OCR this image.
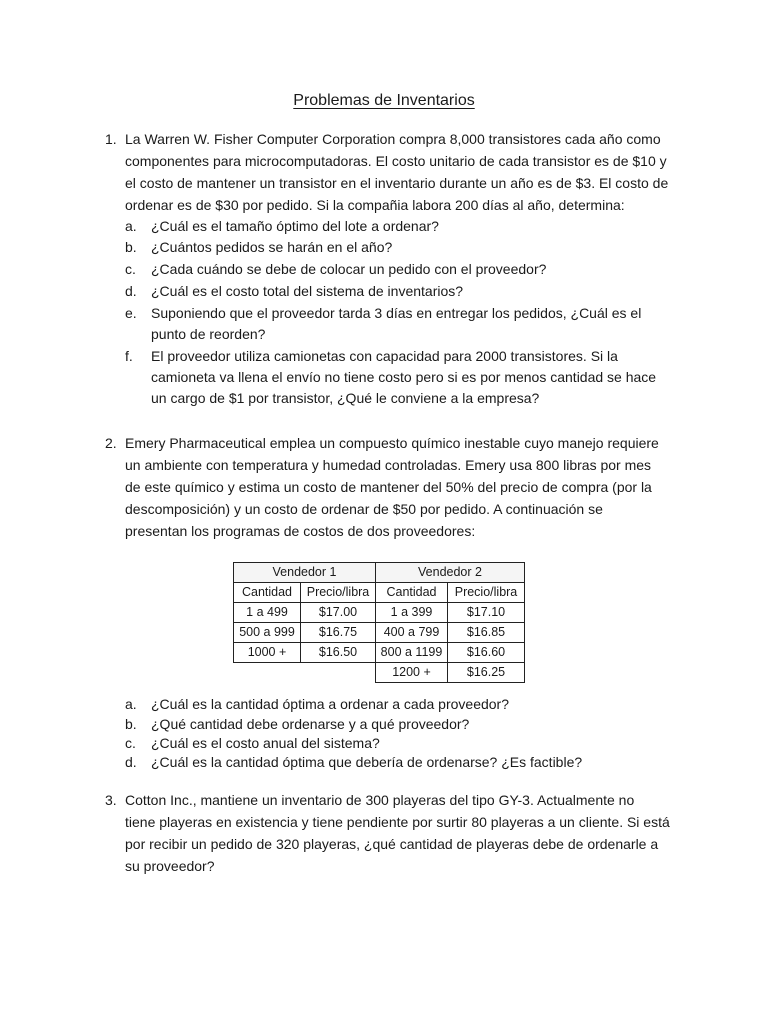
Problemas de Inventarios
1. La Warren W. Fisher Computer Corporation compra 8,000 transistores cada año como
componentes para microcomputadoras. El costo unitario de cada transistor es de $10 y
el costo de mantener un transistor en el inventario durante un año es de $3. El costo de
ordenar es de $30 por pedido. Si la compañia labora 200 días al año, determina:
a. ¿Cuál es el tamaño óptimo del lote a ordenar?
b. ¿Cuántos pedidos se harán en el año?
c. ¿Cada cuándo se debe de colocar un pedido con el proveedor?
d. ¿Cuál es el costo total del sistema de inventarios?
e. Suponiendo que el proveedor tarda 3 días en entregar los pedidos, ¿Cuál es el
punto de reorden?
f. El proveedor utiliza camionetas con capacidad para 2000 transistores. Si la
camioneta va llena el envío no tiene costo pero si es por menos cantidad se hace
un cargo de $1 por transistor, ¿Qué le conviene a la empresa?
2. Emery Pharmaceutical emplea un compuesto químico inestable cuyo manejo requiere
un ambiente con temperatura y humedad controladas. Emery usa 800 libras por mes
de este químico y estima un costo de mantener del 50% del precio de compra (por la
descomposición) y un costo de ordenar de $50 por pedido. A continuación se
presentan los programas de costos de dos proveedores:
Vendedor 1		Vendedor 2	
Cantidad	Precio/libra	Cantidad	Precio/libra
1 a 499	$17.00	1 a 399	$17.10
500 a 999	$16.75	400 a 799	$16.85
1000 +	$16.50	800 a 1199	$16.60
		1200 +	$16.25
a. ¿Cuál es la cantidad óptima a ordenar a cada proveedor?
b. ¿Qué cantidad debe ordenarse y a qué proveedor?
c. ¿Cuál es el costo anual del sistema?
d. ¿Cuál es la cantidad óptima que debería de ordenarse? ¿Es factible?
3. Cotton Inc., mantiene un inventario de 300 playeras del tipo GY-3. Actualmente no
tiene playeras en existencia y tiene pendiente por surtir 80 playeras a un cliente. Si está
por recibir un pedido de 320 playeras, ¿qué cantidad de playeras debe de ordenarle a
su proveedor?
